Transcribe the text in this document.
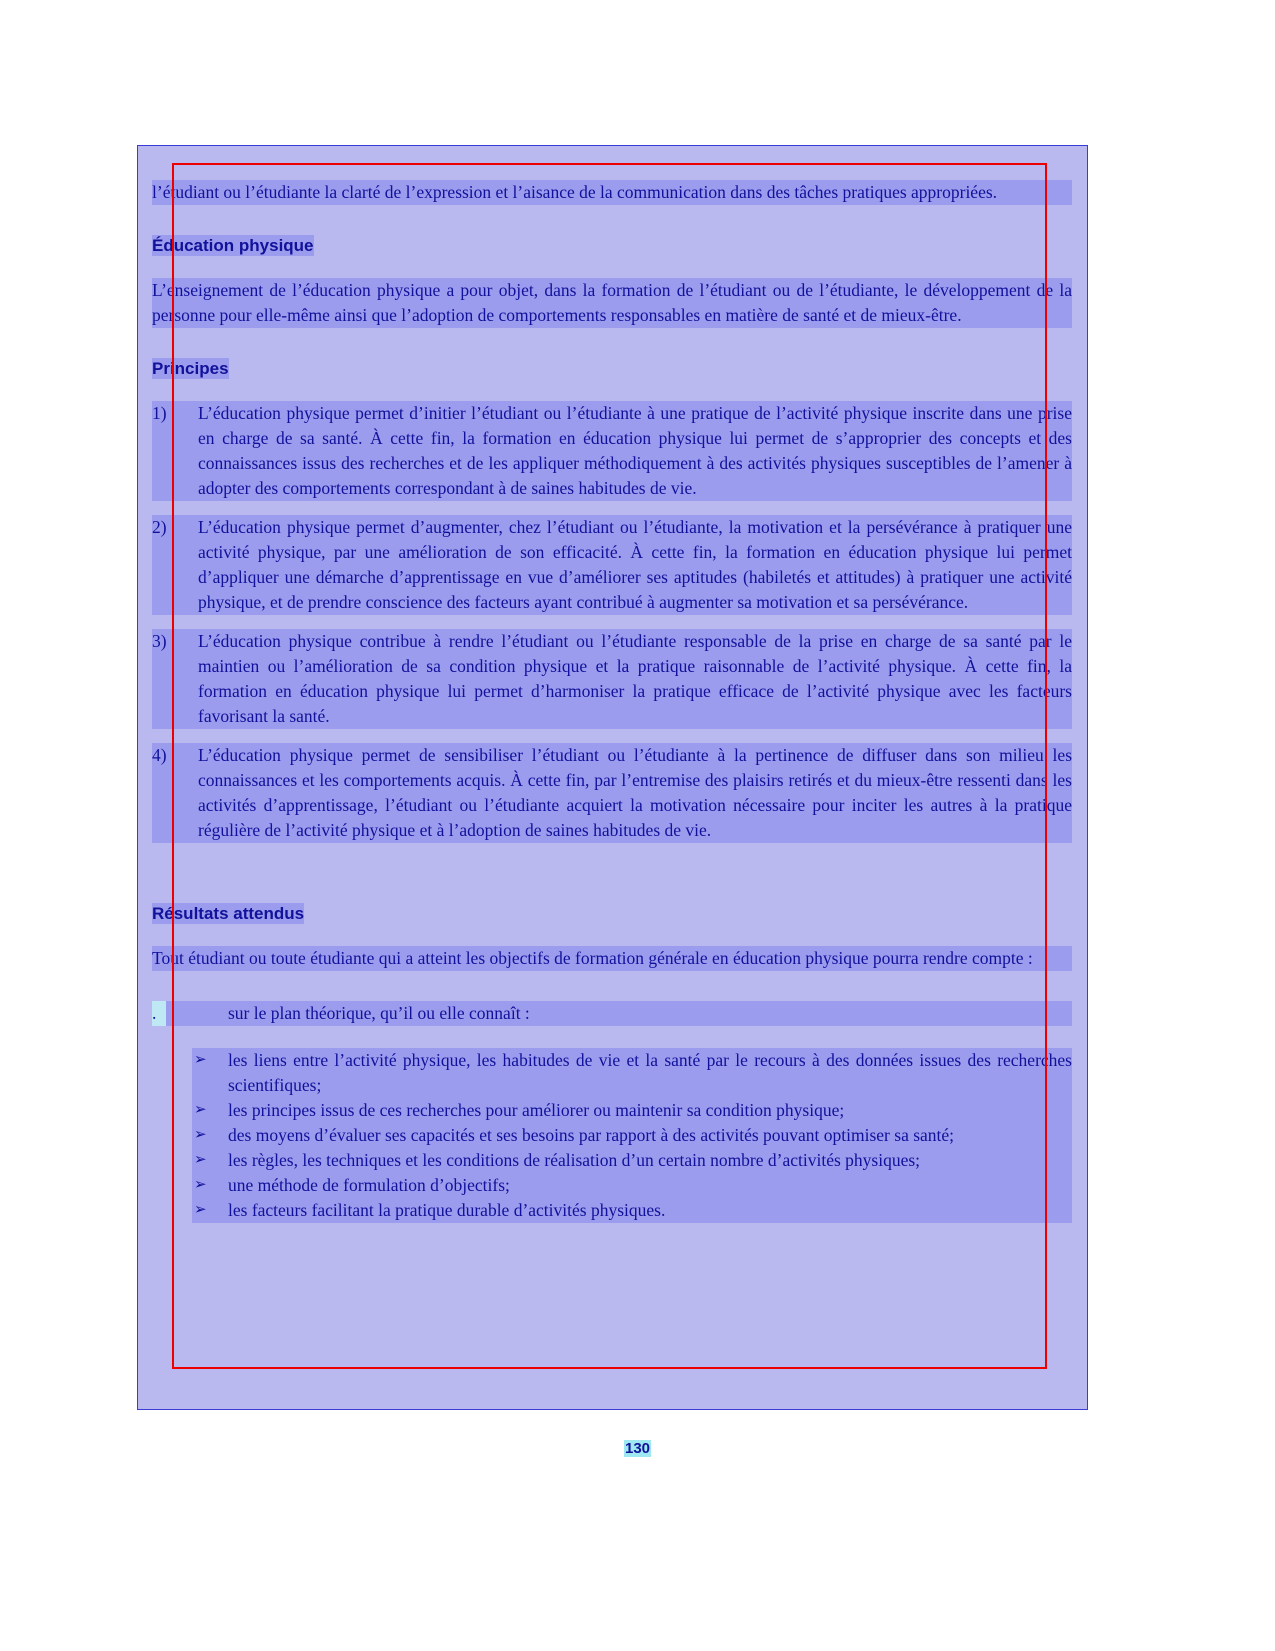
l’étudiant ou l’étudiante la clarté de l’expression et l’aisance de la communication dans des tâches pratiques appropriées.

Éducation physique

L’enseignement de l’éducation physique a pour objet, dans la formation de l’étudiant ou de l’étudiante, le développement de la personne pour elle-même ainsi que l’adoption de comportements responsables en matière de santé et de mieux-être.

Principes
1)	L’éducation physique permet d’initier l’étudiant ou l’étudiante à une pratique de l’activité physique inscrite dans une prise en charge de sa santé. À cette fin, la formation en éducation physique lui permet de s’approprier des concepts et des connaissances issus des recherches et de les appliquer méthodiquement à des activités physiques susceptibles de l’amener à adopter des comportements correspondant à de saines habitudes de vie.
2)	L’éducation physique permet d’augmenter, chez l’étudiant ou l’étudiante, la motivation et la persévérance à pratiquer une activité physique, par une amélioration de son efficacité. À cette fin, la formation en éducation physique lui permet d’appliquer une démarche d’apprentissage en vue d’améliorer ses aptitudes (habiletés et attitudes) à pratiquer une activité physique, et de prendre conscience des facteurs ayant contribué à augmenter sa motivation et sa persévérance.
3)	L’éducation physique contribue à rendre l’étudiant ou l’étudiante responsable de la prise en charge de sa santé par le maintien ou l’amélioration de sa condition physique et la pratique raisonnable de l’activité physique. À cette fin, la formation en éducation physique lui permet d’harmoniser la pratique efficace de l’activité physique avec les facteurs favorisant la santé.
4)	L’éducation physique permet de sensibiliser l’étudiant ou l’étudiante à la pertinence de diffuser dans son milieu les connaissances et les comportements acquis. À cette fin, par l’entremise des plaisirs retirés et du mieux-être ressenti dans les activités d’apprentissage, l’étudiant ou l’étudiante acquiert la motivation nécessaire pour inciter les autres à la pratique régulière de l’activité physique et à l’adoption de saines habitudes de vie.
Résultats attendus

Tout étudiant ou toute étudiante qui a atteint les objectifs de formation générale en éducation physique pourra rendre compte :

.	sur le plan théorique, qu’il ou elle connaît :

➢ les liens entre l’activité physique, les habitudes de vie et la santé par le recours à des données issues des recherches scientifiques;
➢ les principes issus de ces recherches pour améliorer ou maintenir sa condition physique;
➢ des moyens d’évaluer ses capacités et ses besoins par rapport à des activités pouvant optimiser sa santé;
➢ les règles, les techniques et les conditions de réalisation d’un certain nombre d’activités physiques;
➢ une méthode de formulation d’objectifs;
➢ les facteurs facilitant la pratique durable d’activités physiques.
130
